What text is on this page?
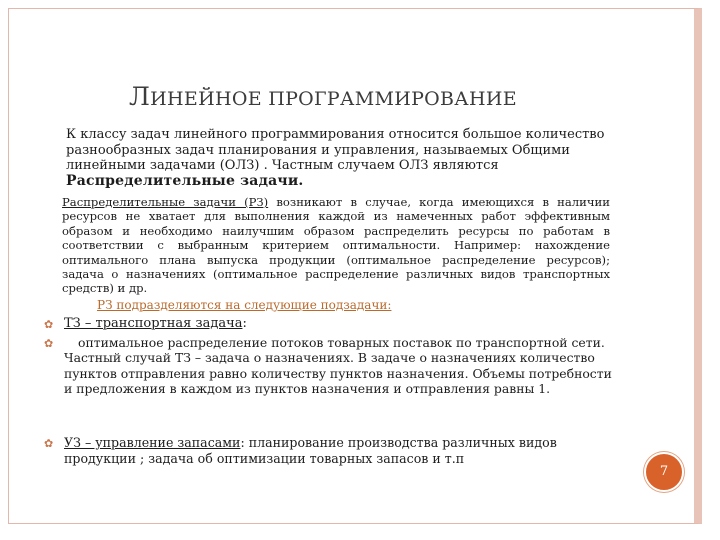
ЛИНЕЙНОЕ ПРОГРАММИРОВАНИЕ
К классу задач линейного программирования относится большое количество
разнообразных задач планирования и управления, называемых Общими
линейными задачами (ОЛЗ) . Частным случаем ОЛЗ являются
Распределительные задачи.
Распределительные задачи (РЗ) возникают в случае, когда имеющихся в наличии ресурсов не хватает для выполнения каждой из намеченных работ эффективным образом и необходимо наилучшим образом распределить ресурсы по работам в соответствии с выбранным критерием оптимальности. Например: нахождение оптимального плана выпуска продукции (оптимальное распределение ресурсов); задача о назначениях (оптимальное распределение различных видов транспортных средств) и др.
РЗ подразделяются на следующие подзадачи:
✿ ТЗ – транспортная задача:
✿	оптимальное распределение потоков товарных поставок по транспортной сети. Частный случай ТЗ – задача о назначениях. В задаче о назначениях количество пунктов отправления равно количеству пунктов назначения. Объемы потребности и предложения в каждом из пунктов назначения и отправления равны 1.
✿ УЗ – управление запасами: планирование производства различных видов продукции ; задача об оптимизации товарных запасов и т.п
7
